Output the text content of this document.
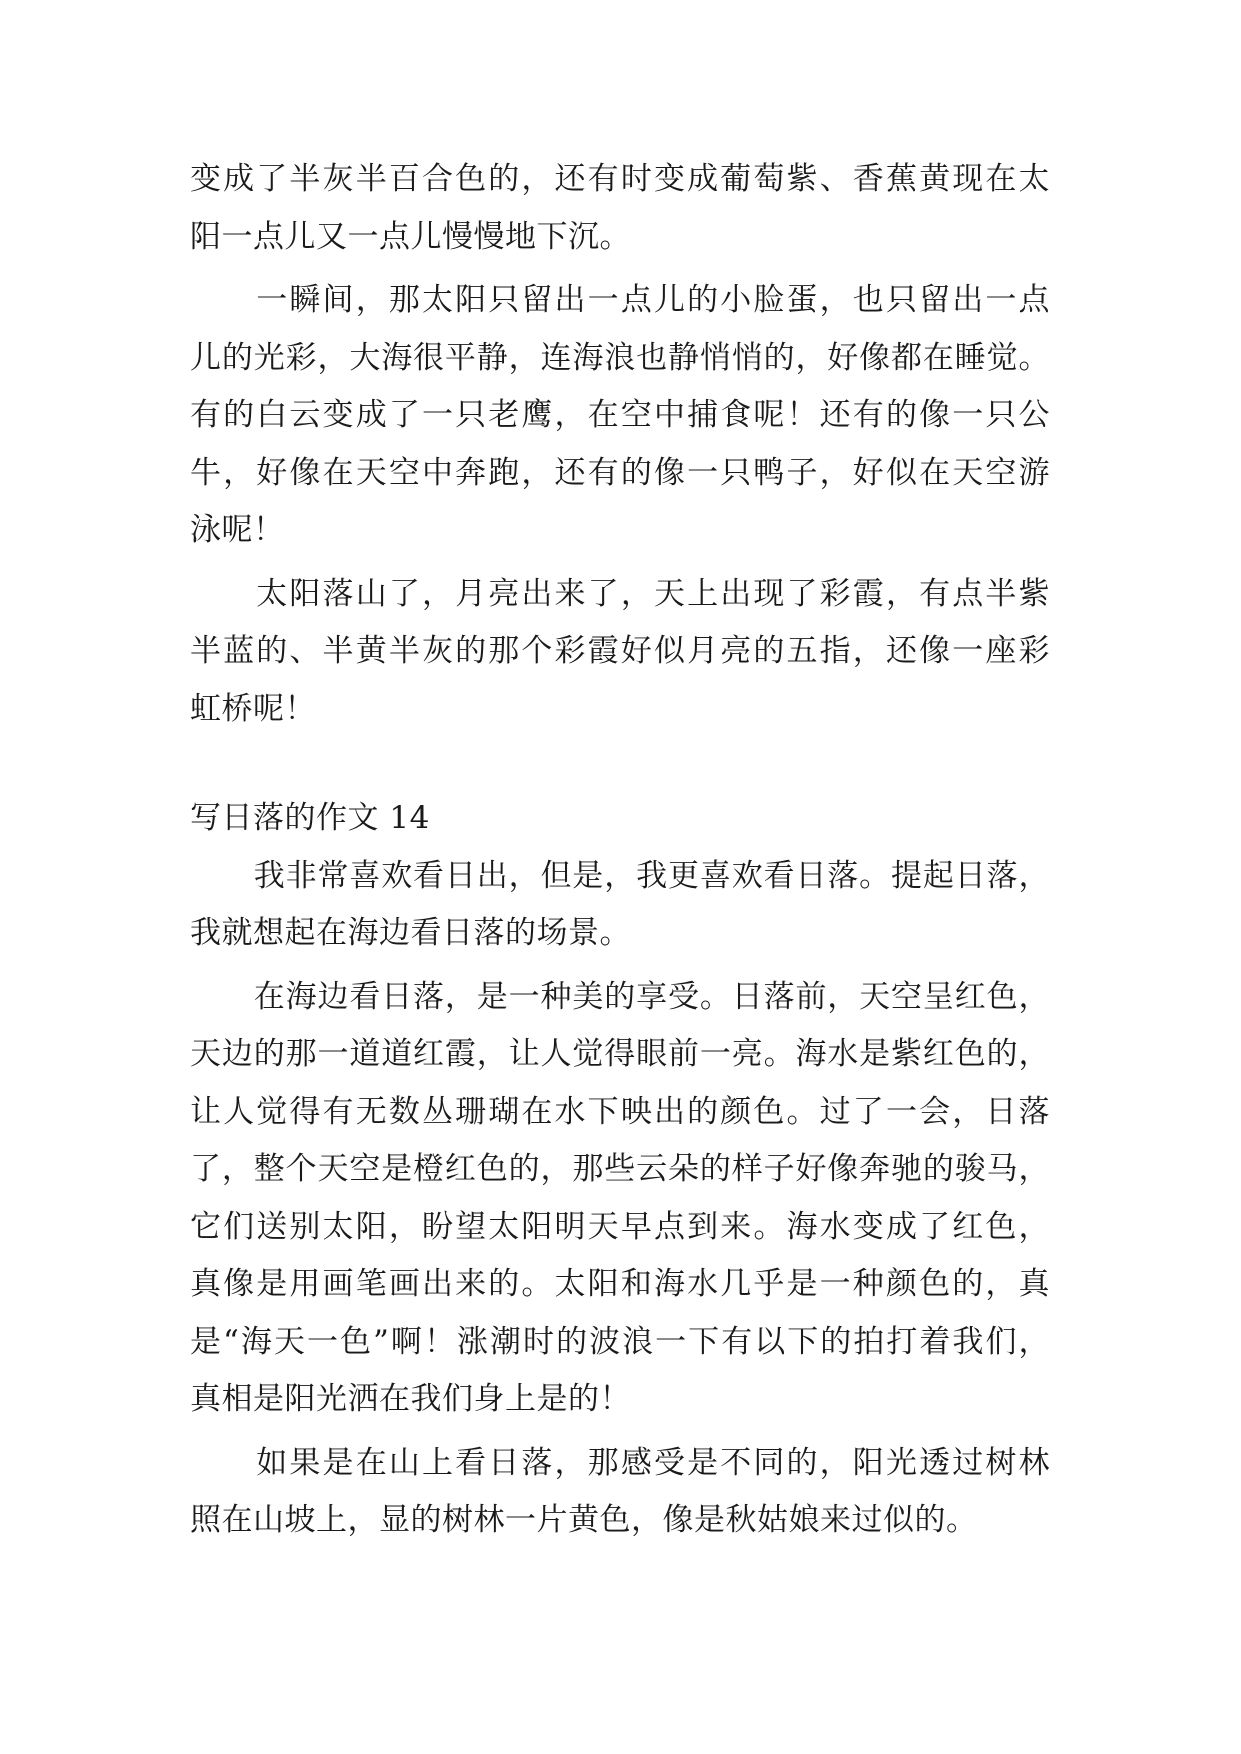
变成了半灰半百合色的，还有时变成葡萄紫、香蕉黄现在太
阳一点儿又一点儿慢慢地下沉。
　　一瞬间，那太阳只留出一点儿的小脸蛋，也只留出一点
儿的光彩，大海很平静，连海浪也静悄悄的，好像都在睡觉。
有的白云变成了一只老鹰，在空中捕食呢！还有的像一只公
牛，好像在天空中奔跑，还有的像一只鸭子，好似在天空游
泳呢！
　　太阳落山了，月亮出来了，天上出现了彩霞，有点半紫
半蓝的、半黄半灰的那个彩霞好似月亮的五指，还像一座彩
虹桥呢！
写日落的作文 14
　　我非常喜欢看日出，但是，我更喜欢看日落。提起日落，
我就想起在海边看日落的场景。
　　在海边看日落，是一种美的享受。日落前，天空呈红色，
天边的那一道道红霞，让人觉得眼前一亮。海水是紫红色的，
让人觉得有无数丛珊瑚在水下映出的颜色。过了一会，日落
了，整个天空是橙红色的，那些云朵的样子好像奔驰的骏马，
它们送别太阳，盼望太阳明天早点到来。海水变成了红色，
真像是用画笔画出来的。太阳和海水几乎是一种颜色的，真
是“海天一色”啊！涨潮时的波浪一下有以下的拍打着我们，
真相是阳光洒在我们身上是的！
　　如果是在山上看日落，那感受是不同的，阳光透过树林
照在山坡上，显的树林一片黄色，像是秋姑娘来过似的。
